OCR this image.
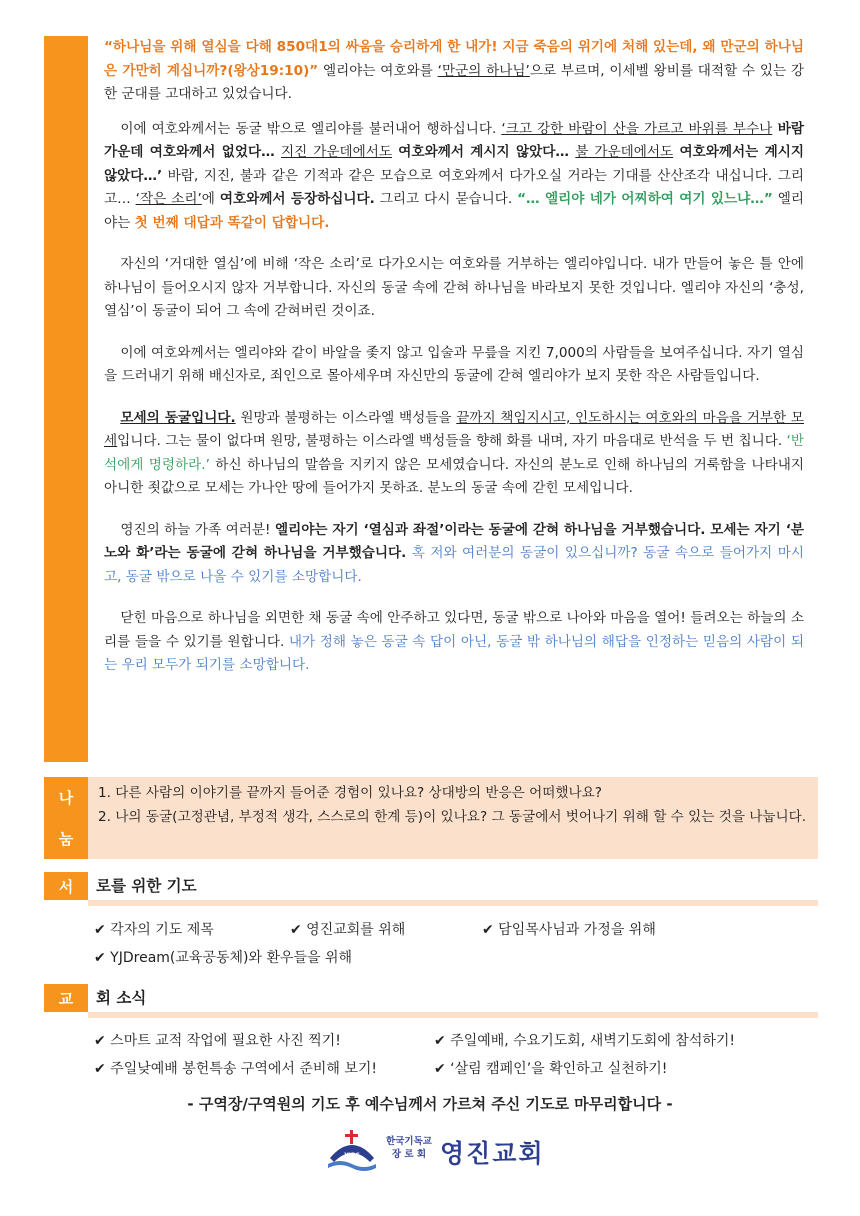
“하나님을 위해 열심을 다해 850대1의 싸움을 승리하게 한 내가! 지금 죽음의 위기에 처해 있는데, 왜 만군의 하나님은 가만히 계십니까?(왕상19:10)” 엘리야는 여호와를 ‘만군의 하나님’으로 부르며, 이세벨 왕비를 대적할 수 있는 강한 군대를 고대하고 있었습니다.

이에 여호와께서는 동굴 밖으로 엘리야를 불러내어 행하십니다. ‘크고 강한 바람이 산을 가르고 바위를 부수나 바람 가운데 여호와께서 없었다… 지진 가운데에서도 여호와께서 계시지 않았다… 불 가운데에서도 여호와께서는 계시지 않았다…’ 바람, 지진, 불과 같은 기적과 같은 모습으로 여호와께서 다가오실 거라는 기대를 산산조각 내십니다. 그리고… ‘작은 소리’에 여호와께서 등장하십니다. 그리고 다시 묻습니다. “… 엘리야 네가 어찌하여 여기 있느냐…” 엘리야는 첫 번째 대답과 똑같이 답합니다.

자신의 ‘거대한 열심’에 비해 ‘작은 소리’로 다가오시는 여호와를 거부하는 엘리야입니다. 내가 만들어 놓은 틀 안에 하나님이 들어오시지 않자 거부합니다. 자신의 동굴 속에 갇혀 하나님을 바라보지 못한 것입니다. 엘리야 자신의 ‘충성, 열심’이 동굴이 되어 그 속에 갇혀버린 것이죠.

이에 여호와께서는 엘리야와 같이 바알을 좇지 않고 입술과 무릎을 지킨 7,000의 사람들을 보여주십니다. 자기 열심을 드러내기 위해 배신자로, 죄인으로 몰아세우며 자신만의 동굴에 갇혀 엘리야가 보지 못한 작은 사람들입니다.

모세의 동굴입니다. 원망과 불평하는 이스라엘 백성들을 끝까지 책임지시고, 인도하시는 여호와의 마음을 거부한 모세입니다. 그는 물이 없다며 원망, 불평하는 이스라엘 백성들을 향해 화를 내며, 자기 마음대로 반석을 두 번 칩니다. ‘반석에게 명령하라.’ 하신 하나님의 말씀을 지키지 않은 모세였습니다. 자신의 분노로 인해 하나님의 거룩함을 나타내지 아니한 죗값으로 모세는 가나안 땅에 들어가지 못하죠. 분노의 동굴 속에 갇힌 모세입니다.

영진의 하늘 가족 여러분! 엘리야는 자기 ‘열심과 좌절’이라는 동굴에 갇혀 하나님을 거부했습니다. 모세는 자기 ‘분노와 화’라는 동굴에 갇혀 하나님을 거부했습니다. 혹 저와 여러분의 동굴이 있으십니까? 동굴 속으로 들어가지 마시고, 동굴 밖으로 나올 수 있기를 소망합니다.

닫힌 마음으로 하나님을 외면한 채 동굴 속에 안주하고 있다면, 동굴 밖으로 나아와 마음을 열어! 들려오는 하늘의 소리를 들을 수 있기를 원합니다. 내가 정해 놓은 동굴 속 답이 아닌, 동굴 밖 하나님의 해답을 인정하는 믿음의 사람이 되는 우리 모두가 되기를 소망합니다.

나
눔
1. 다른 사람의 이야기를 끝까지 들어준 경험이 있나요? 상대방의 반응은 어떠했나요?
2. 나의 동굴(고정관념, 부정적 생각, 스스로의 한계 등)이 있나요? 그 동굴에서 벗어나기 위해 할 수 있는 것을 나눕니다.
서	로를 위한 기도
✔ 각자의 기도 제목	✔ 영진교회를 위해	✔ 담임목사님과 가정을 위해
✔ YJDream(교육공동체)와 환우들을 위해
교	회 소식
✔ 스마트 교적 작업에 필요한 사진 찍기!	✔ 주일예배, 수요기도회, 새벽기도회에 참석하기!
✔ 주일낮예배 봉헌특송 구역에서 준비해 보기!	✔ ‘살림 캠페인’을 확인하고 실천하기!
- 구역장/구역원의 기도 후 예수님께서 가르쳐 주신 기도로 마무리합니다 -
YJPC
한국기독교
장 로 회 영진교회
